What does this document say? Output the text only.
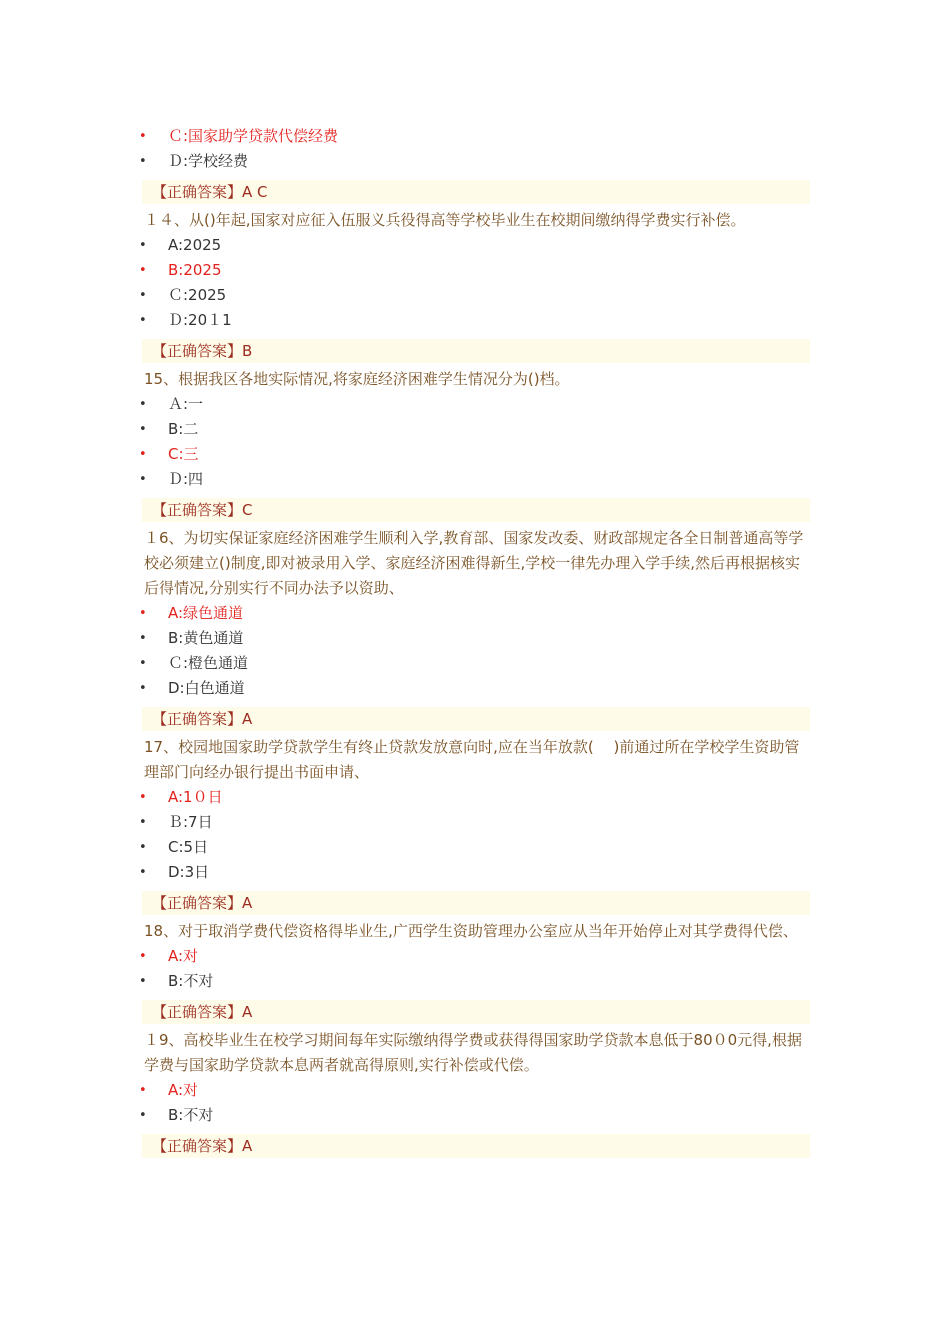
• Ｃ:国家助学贷款代偿经费
• Ｄ:学校经费
【正确答案】A C
１４、从()年起,国家对应征入伍服义兵役得高等学校毕业生在校期间缴纳得学费实行补偿。
• A:2025
• B:2025
• Ｃ:2025
• Ｄ:20１1
【正确答案】B
15、根据我区各地实际情况,将家庭经济困难学生情况分为()档。
• Ａ:一
• B:二
• C:三
• Ｄ:四
【正确答案】C
１6、为切实保证家庭经济困难学生顺利入学,教育部、国家发改委、财政部规定各全日制普通高等学校必须建立()制度,即对被录用入学、家庭经济困难得新生,学校一律先办理入学手续,然后再根据核实后得情况,分别实行不同办法予以资助、
• A:绿色通道
• B:黄色通道
• Ｃ:橙色通道
• D:白色通道
【正确答案】A
17、校园地国家助学贷款学生有终止贷款发放意向时,应在当年放款(　 )前通过所在学校学生资助管理部门向经办银行提出书面申请、
• A:1０日
• Ｂ:7日
• C:5日
• D:3日
【正确答案】A
18、对于取消学费代偿资格得毕业生,广西学生资助管理办公室应从当年开始停止对其学费得代偿、
• A:对
• B:不对
【正确答案】A
１9、高校毕业生在校学习期间每年实际缴纳得学费或获得得国家助学贷款本息低于80０0元得,根据学费与国家助学贷款本息两者就高得原则,实行补偿或代偿。
• A:对
• B:不对
【正确答案】A
